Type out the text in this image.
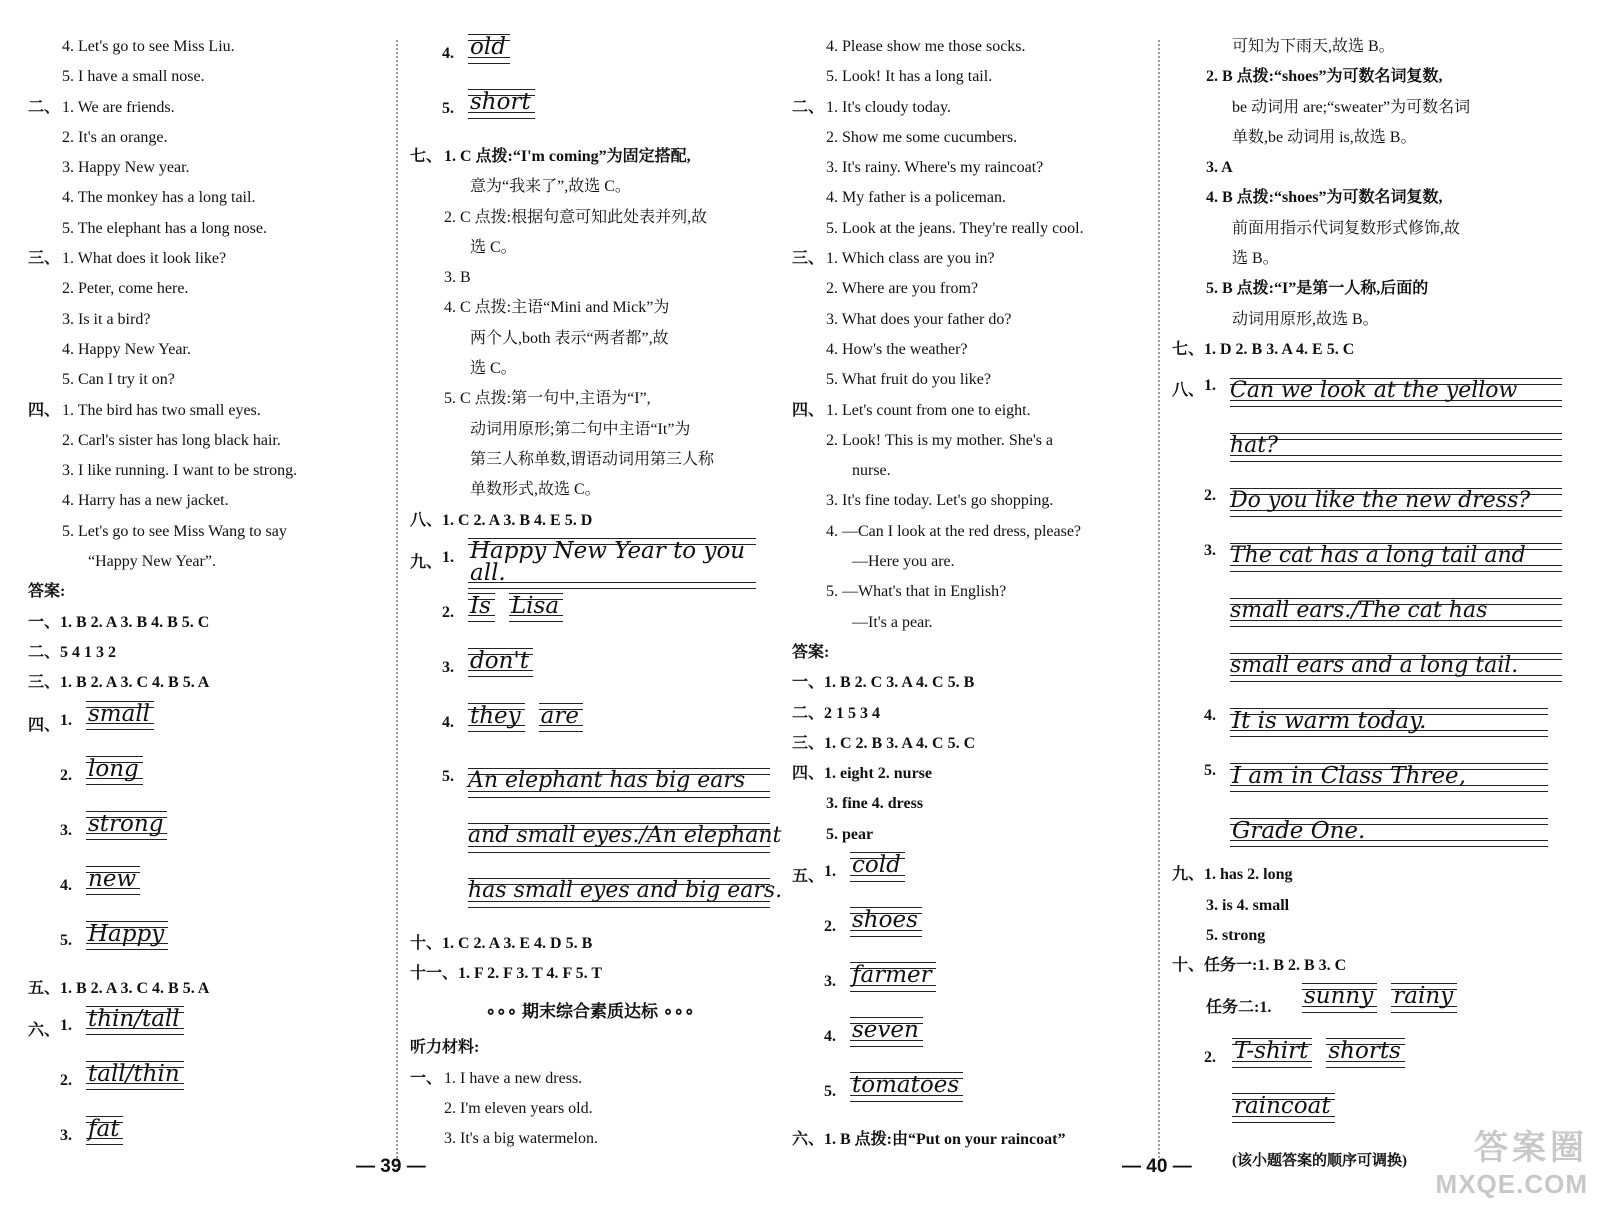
4. Let's go to see Miss Liu.
5. I have a small nose.
二、 1. We are friends.
2. It's an orange.
3. Happy New year.
4. The monkey has a long tail.
5. The elephant has a long nose.
三、 1. What does it look like?
2. Peter, come here.
3. Is it a bird?
4. Happy New Year.
5. Can I try it on?
四、 1. The bird has two small eyes.
2. Carl's sister has long black hair.
3. I like running. I want to be strong.
4. Harry has a new jacket.
5. Let's go to see Miss Wang to say
“Happy New Year”.
答案:
一、1. B 2. A 3. B 4. B 5. C
二、5 4 1 3 2
三、1. B 2. A 3. C 4. B 5. A
四、 1. small
2. long
3. strong
4. new
5. Happy
五、1. B 2. A 3. C 4. B 5. A
六、 1. thin/tall
2. tall/thin
3. fat
4. old
5. short
七、 1. C 点拨:“I'm coming”为固定搭配,
意为“我来了”,故选 C。
2. C 点拨:根据句意可知此处表并列,故
选 C。
3. B
4. C 点拨:主语“Mini and Mick”为
两个人,both 表示“两者都”,故
选 C。
5. C 点拨:第一句中,主语为“I”,
动词用原形;第二句中主语“It”为
第三人称单数,谓语动词用第三人称
单数形式,故选 C。
八、1. C 2. A 3. B 4. E 5. D
九、 1. Happy New Year to you all.
2. Is Lisa
3. don't
4. they are
5. An elephant has big ears
and small eyes./An elephant
has small eyes and big ears.
十、1. C 2. A 3. E 4. D 5. B
十一、1. F 2. F 3. T 4. F 5. T
∘∘∘ 期末综合素质达标 ∘∘∘
听力材料:
一、 1. I have a new dress.
2. I'm eleven years old.
3. It's a big watermelon.
4. Please show me those socks.
5. Look! It has a long tail.
二、 1. It's cloudy today.
2. Show me some cucumbers.
3. It's rainy. Where's my raincoat?
4. My father is a policeman.
5. Look at the jeans. They're really cool.
三、 1. Which class are you in?
2. Where are you from?
3. What does your father do?
4. How's the weather?
5. What fruit do you like?
四、 1. Let's count from one to eight.
2. Look! This is my mother. She's a
nurse.
3. It's fine today. Let's go shopping.
4. —Can I look at the red dress, please?
—Here you are.
5. —What's that in English?
—It's a pear.
答案:
一、1. B 2. C 3. A 4. C 5. B
二、2 1 5 3 4
三、1. C 2. B 3. A 4. C 5. C
四、1. eight 2. nurse
3. fine 4. dress
5. pear
五、 1. cold
2. shoes
3. farmer
4. seven
5. tomatoes
六、1. B 点拨:由“Put on your raincoat”
可知为下雨天,故选 B。
2. B 点拨:“shoes”为可数名词复数,
be 动词用 are;“sweater”为可数名词
单数,be 动词用 is,故选 B。
3. A
4. B 点拨:“shoes”为可数名词复数,
前面用指示代词复数形式修饰,故
选 B。
5. B 点拨:“I”是第一人称,后面的
动词用原形,故选 B。
七、1. D 2. B 3. A 4. E 5. C
八、 1. Can we look at the yellow
hat?
2. Do you like the new dress?
3. The cat has a long tail and
small ears./The cat has
small ears and a long tail.
4. It is warm today.
5. I am in Class Three,
Grade One.
九、1. has 2. long
3. is 4. small
5. strong
十、任务一:1. B 2. B 3. C
任务二:1. sunny rainy
2. T-shirt shorts
raincoat
(该小题答案的顺序可调换)
— 39 —	— 40 —	答案圈
MXQE.COM
